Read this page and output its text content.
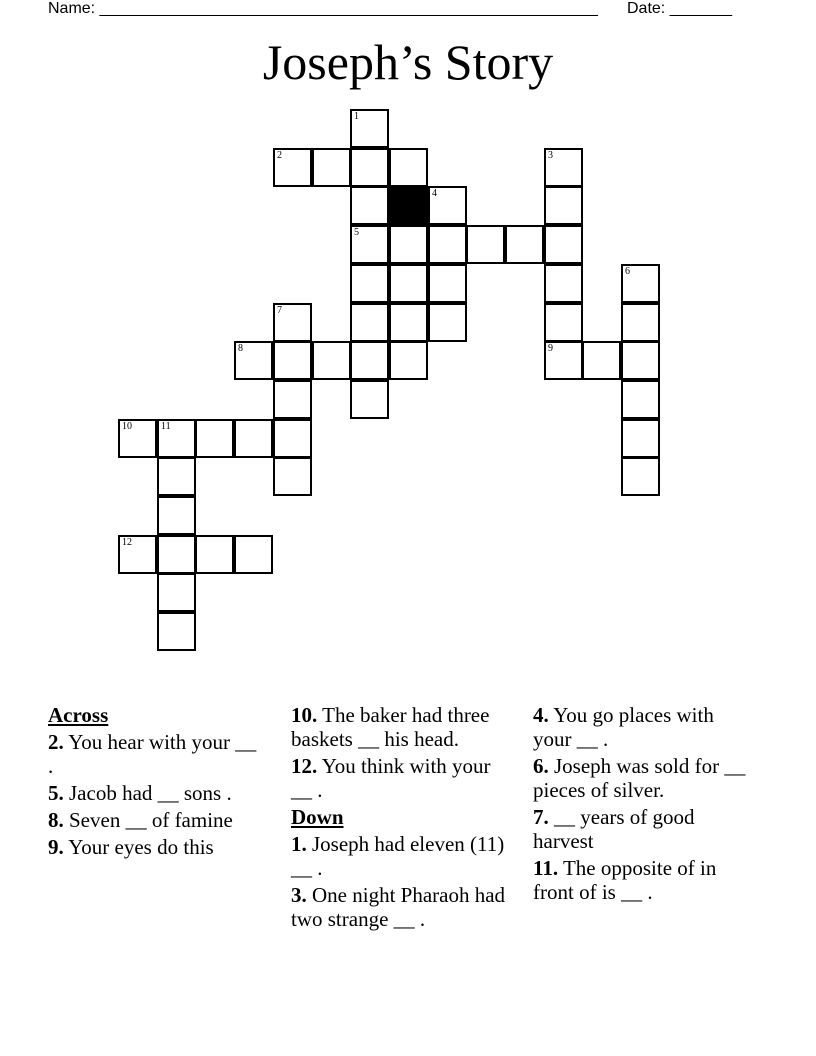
Name: ________________________________________________________ Date: _______
Joseph’s Story
1
2	3
4
5
6
7
8	9
10	11
12
Across
2. You hear with your __ .
5. Jacob had __ sons .
8. Seven __ of famine
9. Your eyes do this
10. The baker had three baskets __ his head.
12. You think with your __ .
Down
1. Joseph had eleven (11) __ .
3. One night Pharaoh had two strange __ .
4. You go places with your __ .
6. Joseph was sold for __ pieces of silver.
7. __ years of good harvest
11. The opposite of in front of is __ .
